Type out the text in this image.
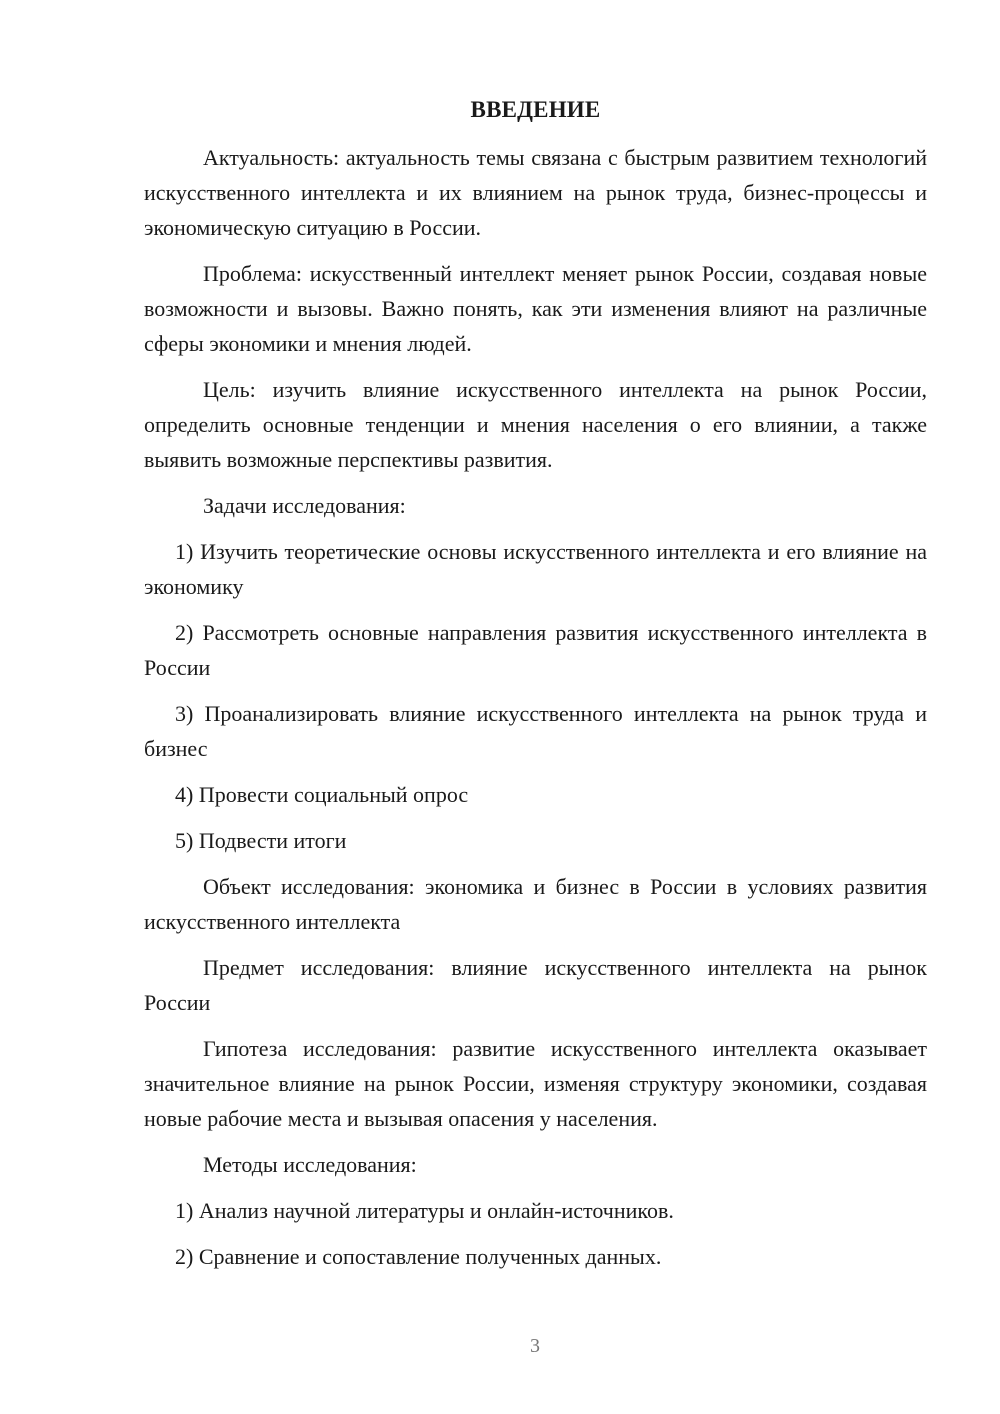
ВВЕДЕНИЕ

Актуальность: актуальность темы связана с быстрым развитием технологий искусственного интеллекта и их влиянием на рынок труда, бизнес-процессы и экономическую ситуацию в России.

Проблема: искусственный интеллект меняет рынок России, создавая новые возможности и вызовы. Важно понять, как эти изменения влияют на различные сферы экономики и мнения людей.

Цель: изучить влияние искусственного интеллекта на рынок России, определить основные тенденции и мнения населения о его влиянии, а также выявить возможные перспективы развития.

Задачи исследования:

1) Изучить теоретические основы искусственного интеллекта и его влияние на экономику

2) Рассмотреть основные направления развития искусственного интеллекта в России

3) Проанализировать влияние искусственного интеллекта на рынок труда и бизнес

4) Провести социальный опрос

5) Подвести итоги

Объект исследования: экономика и бизнес в России в условиях развития искусственного интеллекта

Предмет исследования: влияние искусственного интеллекта на рынок России

Гипотеза исследования: развитие искусственного интеллекта оказывает значительное влияние на рынок России, изменяя структуру экономики, создавая новые рабочие места и вызывая опасения у населения.

Методы исследования:

1) Анализ научной литературы и онлайн-источников.

2) Сравнение и сопоставление полученных данных.

3
